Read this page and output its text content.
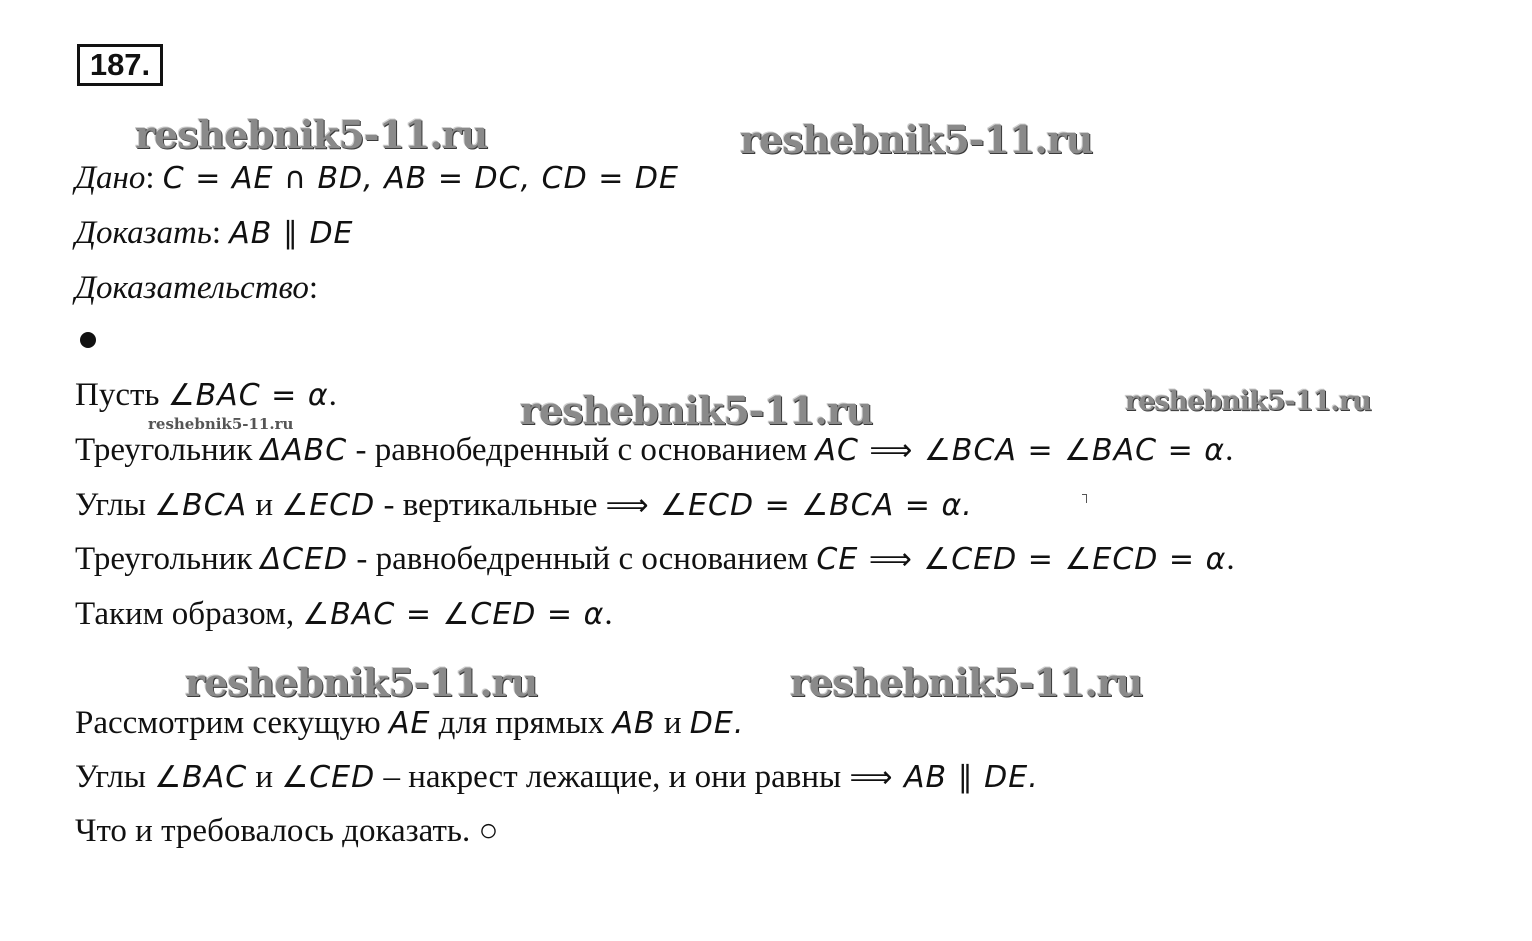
187.
reshebnik5-11.ru	reshebnik5-11.ru
reshebnik5-11.ru	reshebnik5-11.ru
reshebnik5-11.ru
reshebnik5-11.ru	reshebnik5-11.ru
Дано: C = AE ∩ BD, AB = DC, CD = DE
Доказать: AB ∥ DE
Доказательство:
Пусть ∠BAC = α.
Треугольник ΔABC - равнобедренный с основанием AC ⟹ ∠BCA = ∠BAC = α.
Углы ∠BCA и ∠ECD - вертикальные ⟹ ∠ECD = ∠BCA = α.
Треугольник ΔCED - равнобедренный с основанием CE ⟹ ∠CED = ∠ECD = α.
Таким образом, ∠BAC = ∠CED = α.
Рассмотрим секущую AE для прямых AB и DE.
Углы ∠BAC и ∠CED – накрест лежащие, и они равны ⟹ AB ∥ DE.
Что и требовалось доказать. ○
